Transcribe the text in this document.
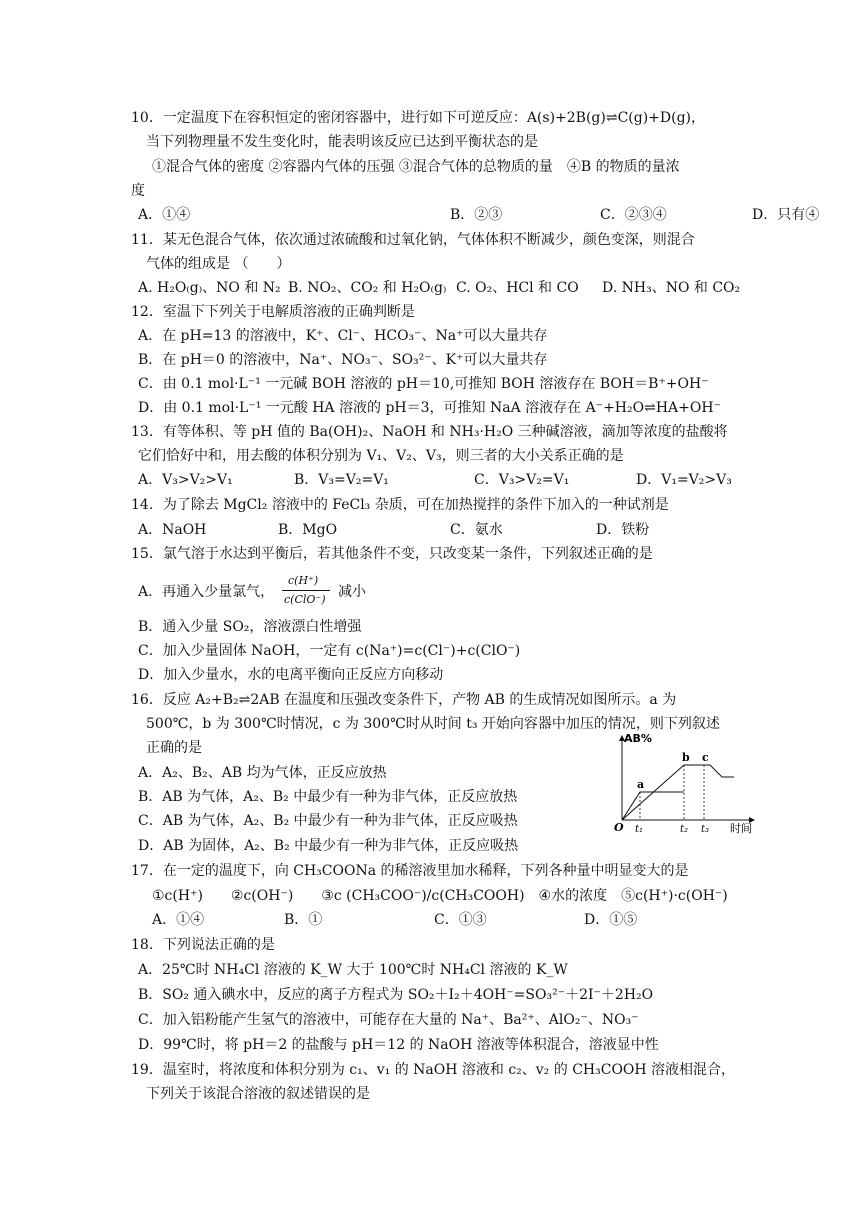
10．一定温度下在容积恒定的密闭容器中，进行如下可逆反应：A(s)+2B(g)⇌C(g)+D(g)，
当下列物理量不发生变化时，能表明该反应已达到平衡状态的是
①混合气体的密度 ②容器内气体的压强 ③混合气体的总物质的量　④B 的物质的量浓
度
A．①④	B．②③	C．②③④	D．只有④
11．某无色混合气体，依次通过浓硫酸和过氧化钠，气体体积不断减少，颜色变深，则混合
气体的组成是 （　　）
A. H₂O₍g₎、NO 和 N₂ B. NO₂、CO₂ 和 H₂O₍g₎ C. O₂、HCl 和 CO D. NH₃、NO 和 CO₂
12．室温下下列关于电解质溶液的正确判断是
A．在 pH=13 的溶液中，K⁺、Cl⁻、HCO₃⁻、Na⁺可以大量共存
B．在 pH＝0 的溶液中，Na⁺、NO₃⁻、SO₃²⁻、K⁺可以大量共存
C．由 0.1 mol·L⁻¹ 一元碱 BOH 溶液的 pH＝10,可推知 BOH 溶液存在 BOH＝B⁺+OH⁻
D．由 0.1 mol·L⁻¹ 一元酸 HA 溶液的 pH＝3，可推知 NaA 溶液存在 A⁻+H₂O⇌HA+OH⁻
13．有等体积、等 pH 值的 Ba(OH)₂、NaOH 和 NH₃·H₂O 三种碱溶液，滴加等浓度的盐酸将
它们恰好中和，用去酸的体积分别为 V₁、V₂、V₃，则三者的大小关系正确的是
A．V₃>V₂>V₁	B．V₃=V₂=V₁	C．V₃>V₂=V₁	D．V₁=V₂>V₃
14．为了除去 MgCl₂ 溶液中的 FeCl₃ 杂质，可在加热搅拌的条件下加入的一种试剂是
A．NaOH	B．MgO	C．氨水	D．铁粉
15．氯气溶于水达到平衡后，若其他条件不变，只改变某一条件，下列叙述正确的是
A．再通入少量氯气，
c(H⁺)
c(ClO⁻) 减小
B．通入少量 SO₂，溶液漂白性增强
C．加入少量固体 NaOH，一定有 c(Na⁺)=c(Cl⁻)+c(ClO⁻)
D．加入少量水，水的电离平衡向正反应方向移动
16．反应 A₂+B₂⇌2AB 在温度和压强改变条件下，产物 AB 的生成情况如图所示。a 为
500℃，b 为 300℃时情况，c 为 300℃时从时间 t₃ 开始向容器中加压的情况，则下列叙述
正确的是
A．A₂、B₂、AB 均为气体，正反应放热
B．AB 为气体，A₂、B₂ 中最少有一种为非气体，正反应放热
C．AB 为气体，A₂、B₂ 中最少有一种为非气体，正反应吸热
D．AB 为固体，A₂、B₂ 中最少有一种为非气体，正反应吸热
AB%
时间
O t₁	t₂ t₃
a
b c
17．在一定的温度下，向 CH₃COONa 的稀溶液里加水稀释，下列各种量中明显变大的是
①c(H⁺)　　②c(OH⁻)　　③c (CH₃COO⁻)/c(CH₃COOH)　④水的浓度　⑤c(H⁺)·c(OH⁻)
A．①④	B．①	C．①③	D．①⑤
18．下列说法正确的是
A．25℃时 NH₄Cl 溶液的 K_W 大于 100℃时 NH₄Cl 溶液的 K_W
B．SO₂ 通入碘水中，反应的离子方程式为 SO₂＋I₂＋4OH⁻=SO₃²⁻＋2I⁻＋2H₂O
C．加入铝粉能产生氢气的溶液中，可能存在大量的 Na⁺、Ba²⁺、AlO₂⁻、NO₃⁻
D．99℃时，将 pH＝2 的盐酸与 pH＝12 的 NaOH 溶液等体积混合，溶液显中性
19．温室时，将浓度和体积分别为 c₁、v₁ 的 NaOH 溶液和 c₂、v₂ 的 CH₃COOH 溶液相混合，
下列关于该混合溶液的叙述错误的是
